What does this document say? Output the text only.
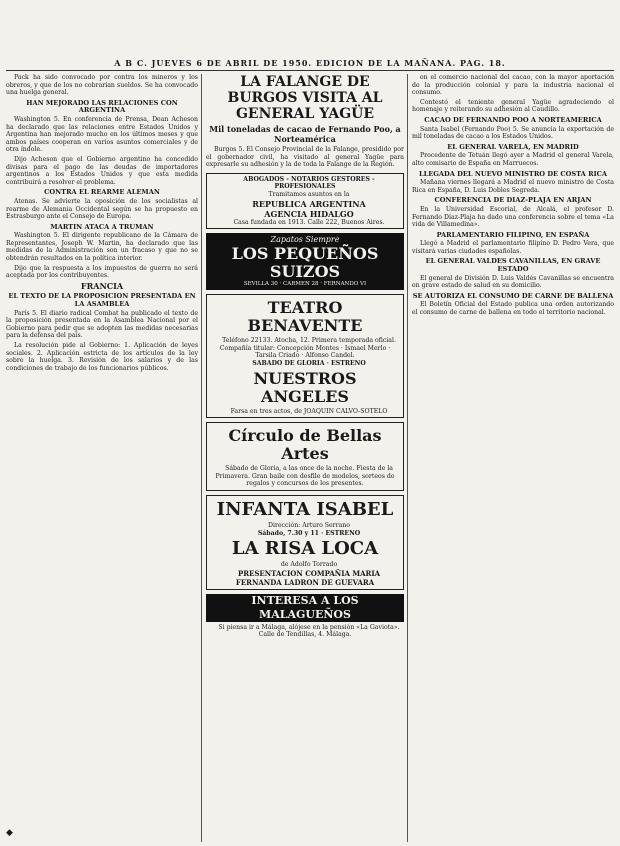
A B C. JUEVES 6 DE ABRIL DE 1950. EDICION DE LA MAÑANA. PAG. 18.

Pack ha sido convocado por contra los mineros y los obreros, y que de los no cobrarían sueldos. Se ha convocado una huelga general.

HAN MEJORADO LAS RELACIONES CON ARGENTINA

Washington 5. En conferencia de Prensa, Dean Acheson ha declarado que las relaciones entre Estados Unidos y Argentina han mejorado mucho en los últimos meses y que ambos países cooperan en varios asuntos comerciales y de otra índole.

Dijo Acheson que el Gobierno argentino ha concedido divisas para el pago de las deudas de importadores argentinos a los Estados Unidos y que esta medida contribuirá a resolver el problema.

CONTRA EL REARME ALEMAN

Atenas. Se advierte la oposición de los socialistas al rearme de Alemania Occidental según se ha propuesto en Estrasburgo ante el Consejo de Europa.

MARTIN ATACA A TRUMAN

Washington 5. El dirigente republicano de la Cámara de Representantes, Joseph W. Martin, ha declarado que las medidas de la Administración son un fracaso y que no se obtendrán resultados en la política interior.

Dijo que la respuesta a los impuestos de guerra no será aceptada por los contribuyentes.

FRANCIA
EL TEXTO DE LA PROPOSICION PRESENTADA EN LA ASAMBLEA

París 5. El diario radical Combat ha publicado el texto de la proposición presentada en la Asamblea Nacional por el Gobierno para pedir que se adopten las medidas necesarias para la defensa del país.

La resolución pide al Gobierno: 1. Aplicación de leyes sociales. 2. Aplicación estricta de los artículos de la ley sobre la huelga. 3. Revisión de los salarios y de las condiciones de trabajo de los funcionarios públicos.

LA FALANGE DE BURGOS VISITA AL GENERAL YAGÜE
Mil toneladas de cacao de Fernando Poo, a Norteamérica

Burgos 5. El Consejo Provincial de la Falange, presidido por el gobernador civil, ha visitado al general Yagüe para expresarle su adhesión y la de toda la Falange de la Región.

ABOGADOS - NOTARIOS GESTORES - PROFESIONALES

Tramitamos asuntos en la

REPUBLICA ARGENTINA

AGENCIA HIDALGO

Casa fundada en 1913. Calle 222, Buenos Aires.

Zapatos Siempre
LOS PEQUEÑOS SUIZOS
SEVILLA 30 · CARMEN 28 · FERNANDO VI
TEATRO BENAVENTE

Teléfono 22133. Atocha, 12. Primera temporada oficial. Compañía titular: Concepción Montes · Ismael Merlo · Tarsila Criado · Alfonso Candel.

SABADO DE GLORIA · ESTRENO

NUESTROS ANGELES

Farsa en tres actos, de JOAQUIN CALVO-SOTELO

Círculo de Bellas Artes

Sábado de Gloria, a las once de la noche. Fiesta de la Primavera. Gran baile con desfile de modelos, sorteos de regalos y concursos de los presentes.

INFANTA ISABEL

Dirección: Arturo Serrano

Sábado, 7.30 y 11 · ESTRENO

LA RISA LOCA

de Adolfo Torrado

PRESENTACION COMPAÑIA MARIA FERNANDA LADRON DE GUEVARA

INTERESA A LOS MALAGUEÑOS

Si piensa ir a Málaga, alójese en la pensión «La Gaviota». Calle de Tendillas, 4. Málaga.

en el comercio nacional del cacao, con la mayor aportación de la producción colonial y para la industria nacional el consumo.

Contestó el teniente general Yagüe agradeciendo el homenaje y reiterando su adhesión al Caudillo.

CACAO DE FERNANDO POO A NORTEAMERICA

Santa Isabel (Fernando Poo) 5. Se anuncia la exportación de mil toneladas de cacao a los Estados Unidos.

EL GENERAL VARELA, EN MADRID

Procedente de Tetuán llegó ayer a Madrid el general Varela, alto comisario de España en Marruecos.

LLEGADA DEL NUEVO MINISTRO DE COSTA RICA

Mañana viernes llegará a Madrid el nuevo ministro de Costa Rica en España, D. Luis Dobles Segreda.

CONFERENCIA DE DIAZ-PLAJA EN ARJAN

En la Universidad Escorial, de Alcalá, el profesor D. Fernando Díaz-Plaja ha dado una conferencia sobre el tema «La vida de Villamedina».

PARLAMENTARIO FILIPINO, EN ESPAÑA

Llegó a Madrid el parlamentario filipino D. Pedro Vera, que visitará varias ciudades españolas.

EL GENERAL VALDES CAVANILLAS, EN GRAVE ESTADO

El general de División D. Luis Valdés Cavanillas se encuentra en grave estado de salud en su domicilio.

SE AUTORIZA EL CONSUMO DE CARNE DE BALLENA

El Boletín Oficial del Estado publica una orden autorizando el consumo de carne de ballena en todo el territorio nacional.

◆
